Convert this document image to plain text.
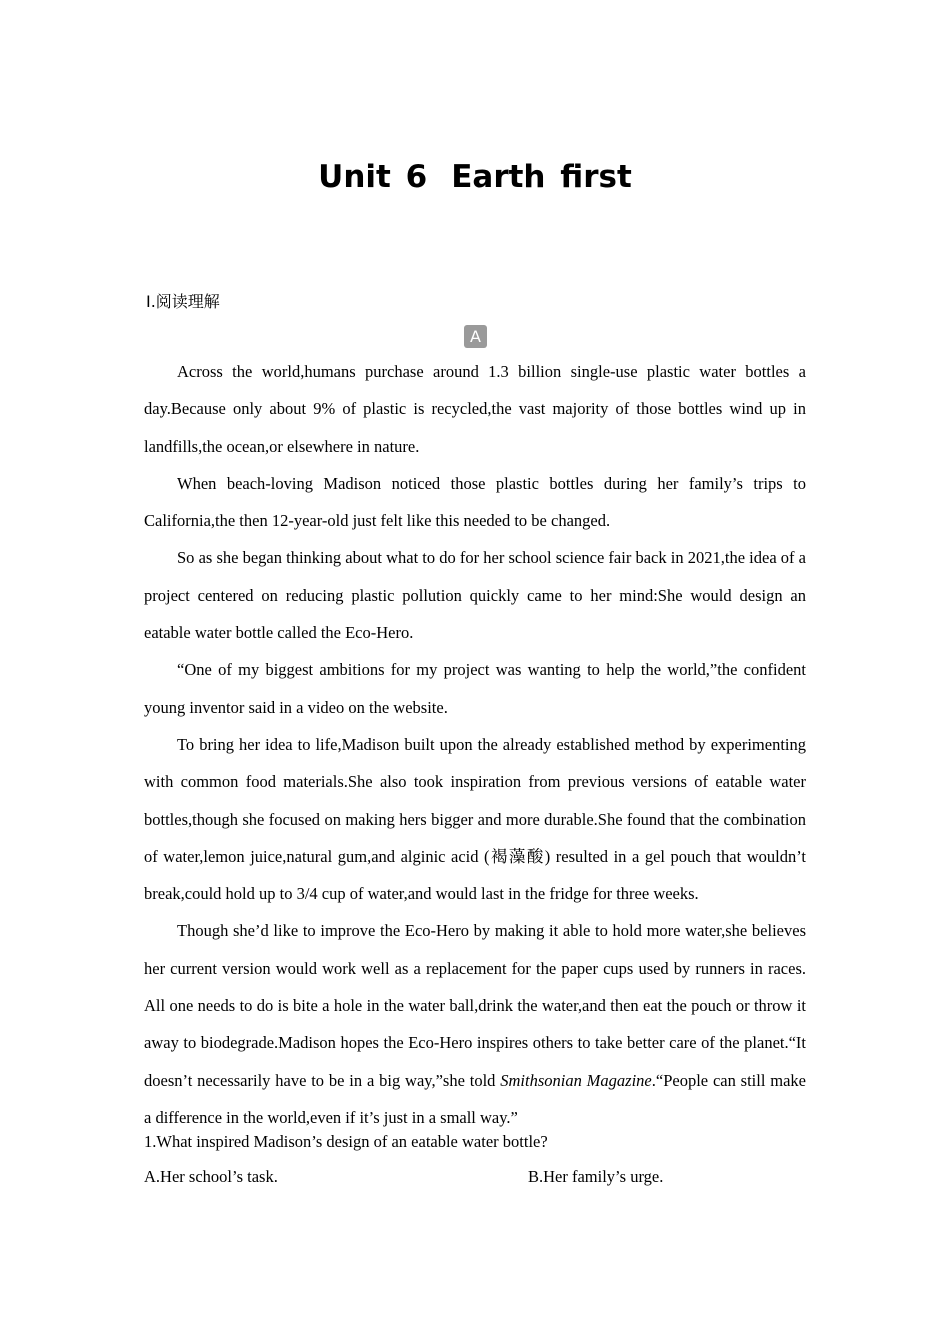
Unit 6 Earth first
Ⅰ.阅读理解
A

Across the world,humans purchase around 1.3 billion single-use plastic water bottles a day.Because only about 9% of plastic is recycled,the vast majority of those bottles wind up in landfills,the ocean,or elsewhere in nature.

When beach-loving Madison noticed those plastic bottles during her family’s trips to California,the then 12-year-old just felt like this needed to be changed.

So as she began thinking about what to do for her school science fair back in 2021,the idea of a project centered on reducing plastic pollution quickly came to her mind:She would design an eatable water bottle called the Eco-Hero.

“One of my biggest ambitions for my project was wanting to help the world,”the confident young inventor said in a video on the website.

To bring her idea to life,Madison built upon the already established method by experimenting with common food materials.She also took inspiration from previous versions of eatable water bottles,though she focused on making hers bigger and more durable.She found that the combination of water,lemon juice,natural gum,and alginic acid (褐藻酸) resulted in a gel pouch that wouldn’t break,could hold up to 3/4 cup of water,and would last in the fridge for three weeks.

Though she’d like to improve the Eco-Hero by making it able to hold more water,she believes her current version would work well as a replacement for the paper cups used by runners in races. All one needs to do is bite a hole in the water ball,drink the water,and then eat the pouch or throw it away to biodegrade.Madison hopes the Eco-Hero inspires others to take better care of the planet.“It doesn’t necessarily have to be in a big way,”she told Smithsonian Magazine.“People can still make a difference in the world,even if it’s just in a small way.”

1.What inspired Madison’s design of an eatable water bottle?
A.Her school’s task.	B.Her family’s urge.
